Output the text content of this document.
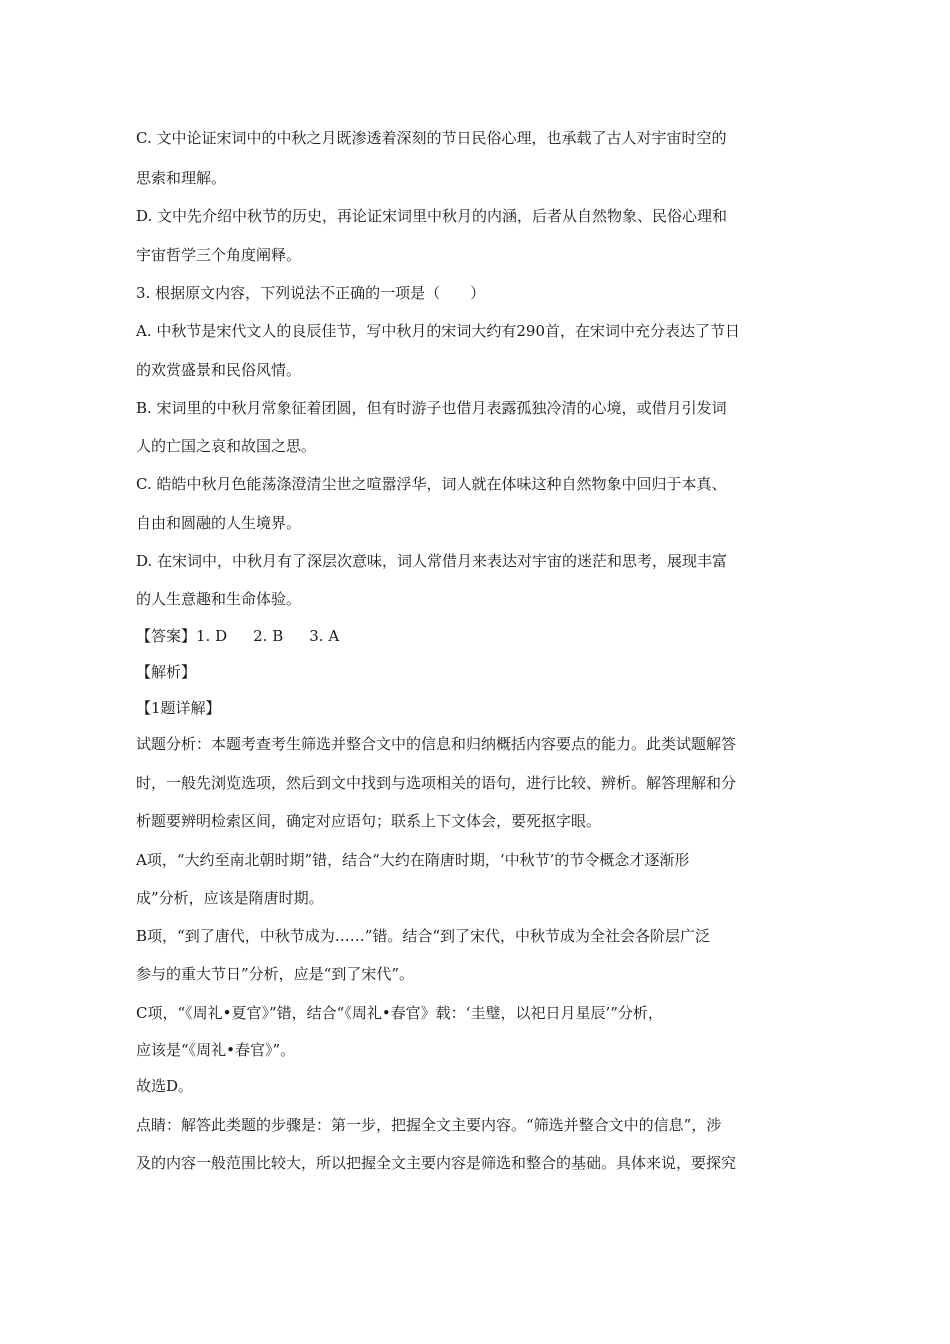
C. 文中论证宋词中的中秋之月既渗透着深刻的节日民俗心理，也承载了古人对宇宙时空的
思索和理解。
D. 文中先介绍中秋节的历史，再论证宋词里中秋月的内涵，后者从自然物象、民俗心理和
宇宙哲学三个角度阐释。
3. 根据原文内容，下列说法不正确的一项是（　　）
A. 中秋节是宋代文人的良辰佳节，写中秋月的宋词大约有290首，在宋词中充分表达了节日
的欢赏盛景和民俗风情。
B. 宋词里的中秋月常象征着团圆，但有时游子也借月表露孤独冷清的心境，或借月引发词
人的亡国之哀和故国之思。
C. 皓皓中秋月色能荡涤澄清尘世之喧嚣浮华，词人就在体味这种自然物象中回归于本真、
自由和圆融的人生境界。
D. 在宋词中，中秋月有了深层次意味，词人常借月来表达对宇宙的迷茫和思考，展现丰富
的人生意趣和生命体验。
【答案】1. D 2. B 3. A
【解析】
【1题详解】
试题分析：本题考查考生筛选并整合文中的信息和归纳概括内容要点的能力。此类试题解答
时，一般先浏览选项，然后到文中找到与选项相关的语句，进行比较、辨析。解答理解和分
析题要辨明检索区间，确定对应语句；联系上下文体会，要死抠字眼。
A项，“大约至南北朝时期”错，结合“大约在隋唐时期，‘中秋节’的节令概念才逐渐形
成”分析，应该是隋唐时期。
B项，“到了唐代，中秋节成为……”错。结合“到了宋代，中秋节成为全社会各阶层广泛
参与的重大节日”分析，应是“到了宋代”。
C项，“《周礼•夏官》”错，结合“《周礼•春官》载：‘圭璧，以祀日月星辰’”分析，
应该是“《周礼•春官》”。
故选D。
点睛：解答此类题的步骤是：第一步，把握全文主要内容。“筛选并整合文中的信息”，涉
及的内容一般范围比较大，所以把握全文主要内容是筛选和整合的基础。具体来说，要探究
